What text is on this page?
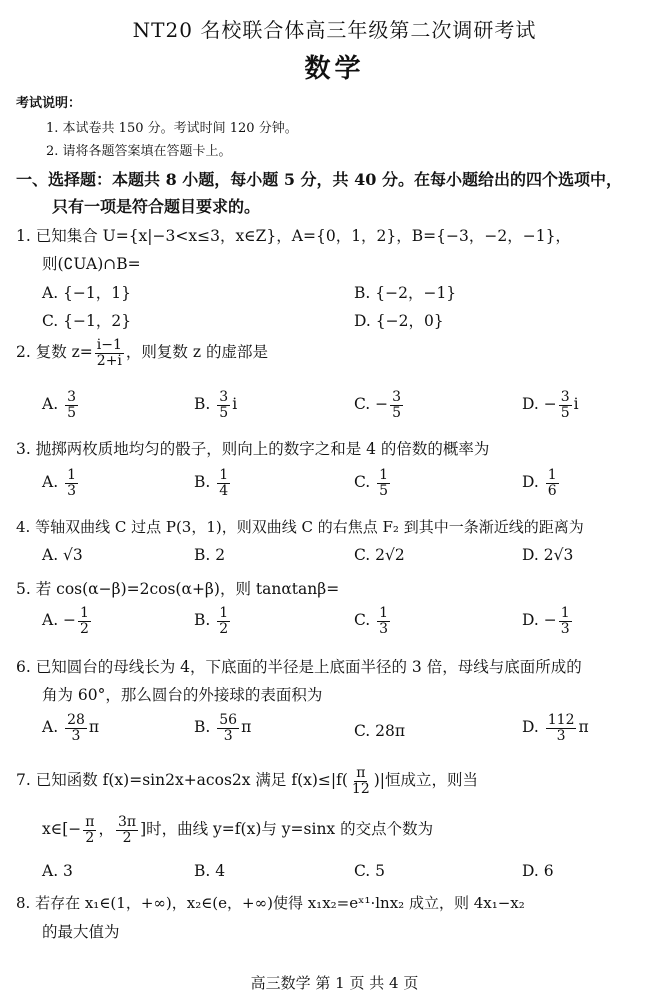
NT20 名校联合体高三年级第二次调研考试
数学
考试说明：
1. 本试卷共 150 分。考试时间 120 分钟。
2. 请将各题答案填在答题卡上。
一、选择题：本题共 8 小题，每小题 5 分，共 40 分。在每小题给出的四个选项中，
只有一项是符合题目要求的。
1. 已知集合 U={x|−3<x≤3，x∈Z}，A={0，1，2}，B={−3，−2，−1}，
则(∁UA)∩B=
A. {−1，1}	B. {−2，−1}
C. {−1，2}	D. {−2，0}
2. 复数 $z= \frac{i-1}{2+i}$ ，则复数 z 的虚部是
A. $\frac{3}{5}$	B. $\frac{3}{5}$ i	C. − $\frac{3}{5}$	D. − $\frac{3}{5}$ i
3. 抛掷两枚质地均匀的骰子，则向上的数字之和是 4 的倍数的概率为
A. $\frac{1}{3}$	B. $\frac{1}{4}$	C. $\frac{1}{5}$	D. $\frac{1}{6}$
4. 等轴双曲线 C 过点 P(3，1)，则双曲线 C 的右焦点 F₂ 到其中一条渐近线的距离为
A. √3	B. 2	C. 2√2	D. 2√3
5. 若 cos(α−β)=2cos(α+β)，则 tanαtanβ=
A. − $\frac{1}{2}$	B. $\frac{1}{2}$	C. $\frac{1}{3}$	D. − $\frac{1}{3}$
6. 已知圆台的母线长为 4，下底面的半径是上底面半径的 3 倍，母线与底面所成的
角为 60°，那么圆台的外接球的表面积为
A. $\frac{28}{3}$ π	B. $\frac{56}{3}$ π	C. 28π	D. $\frac{112}{3}$ π
7. 已知函数 f(x)=sin2x+acos2x 满足 $f(x)\le|f( \frac{\pi}{12}$ )|恒成立，则当
x∈[− $\frac{\pi}{2}$ ， $\frac{3\pi}{2}$ ]时，曲线 y=f(x)与 y=sinx 的交点个数为
A. 3	B. 4	C. 5	D. 6
8. 若存在 x₁∈(1，+∞)，x₂∈(e，+∞)使得 x₁x₂=eˣ¹·lnx₂ 成立，则 4x₁−x₂
的最大值为
高三数学 第 1 页 共 4 页
